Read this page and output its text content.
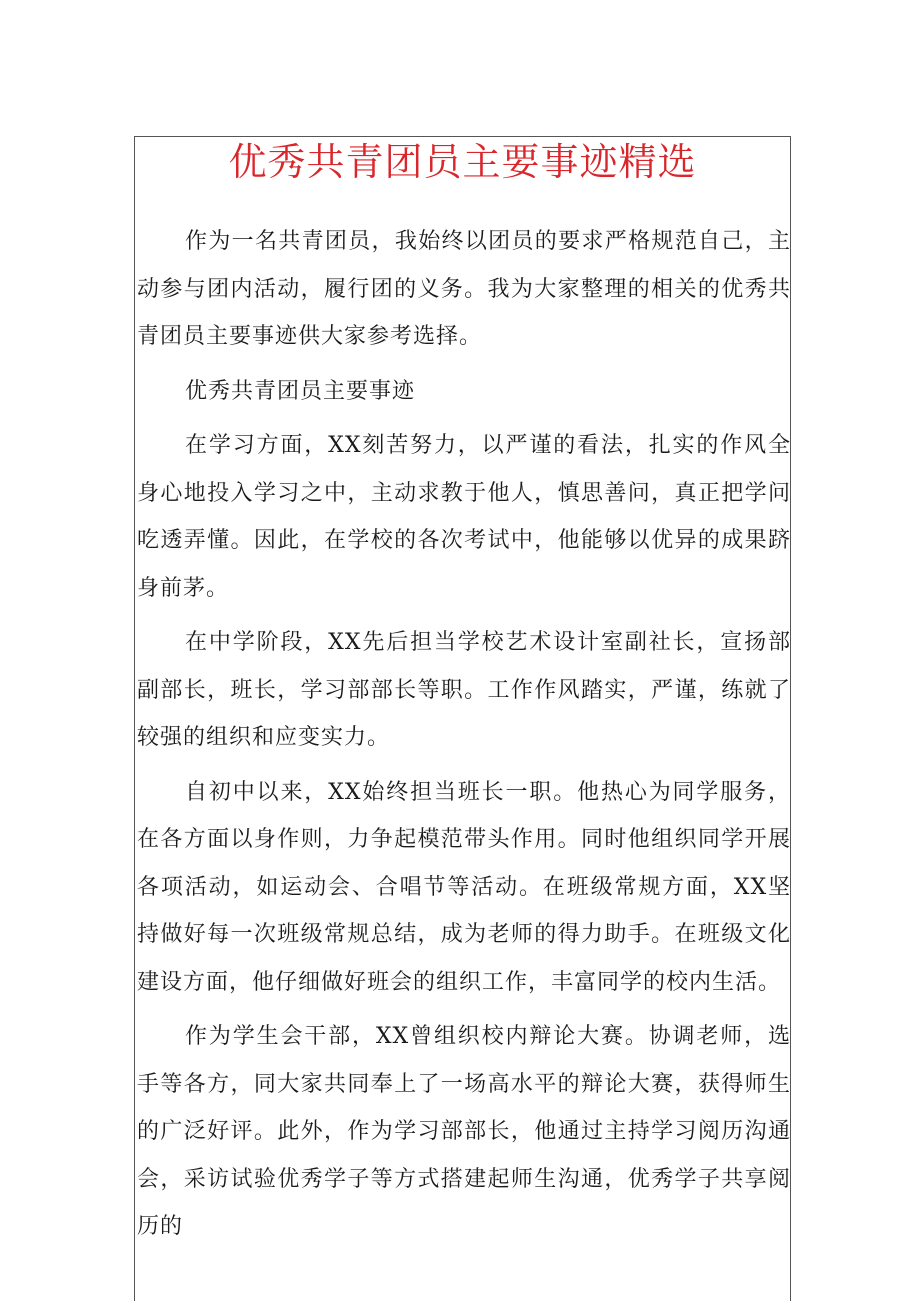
优秀共青团员主要事迹精选

作为一名共青团员，我始终以团员的要求严格规范自己，主动参与团内活动，履行团的义务。我为大家整理的相关的优秀共青团员主要事迹供大家参考选择。

优秀共青团员主要事迹

在学习方面，XX刻苦努力，以严谨的看法，扎实的作风全身心地投入学习之中，主动求教于他人，慎思善问，真正把学问吃透弄懂。因此，在学校的各次考试中，他能够以优异的成果跻身前茅。

在中学阶段，XX先后担当学校艺术设计室副社长，宣扬部副部长，班长，学习部部长等职。工作作风踏实，严谨，练就了较强的组织和应变实力。

自初中以来，XX始终担当班长一职。他热心为同学服务，在各方面以身作则，力争起模范带头作用。同时他组织同学开展各项活动，如运动会、合唱节等活动。在班级常规方面，XX坚持做好每一次班级常规总结，成为老师的得力助手。在班级文化建设方面，他仔细做好班会的组织工作，丰富同学的校内生活。

作为学生会干部，XX曾组织校内辩论大赛。协调老师，选手等各方，同大家共同奉上了一场高水平的辩论大赛，获得师生的广泛好评。此外，作为学习部部长，他通过主持学习阅历沟通会，采访试验优秀学子等方式搭建起师生沟通，优秀学子共享阅历的
